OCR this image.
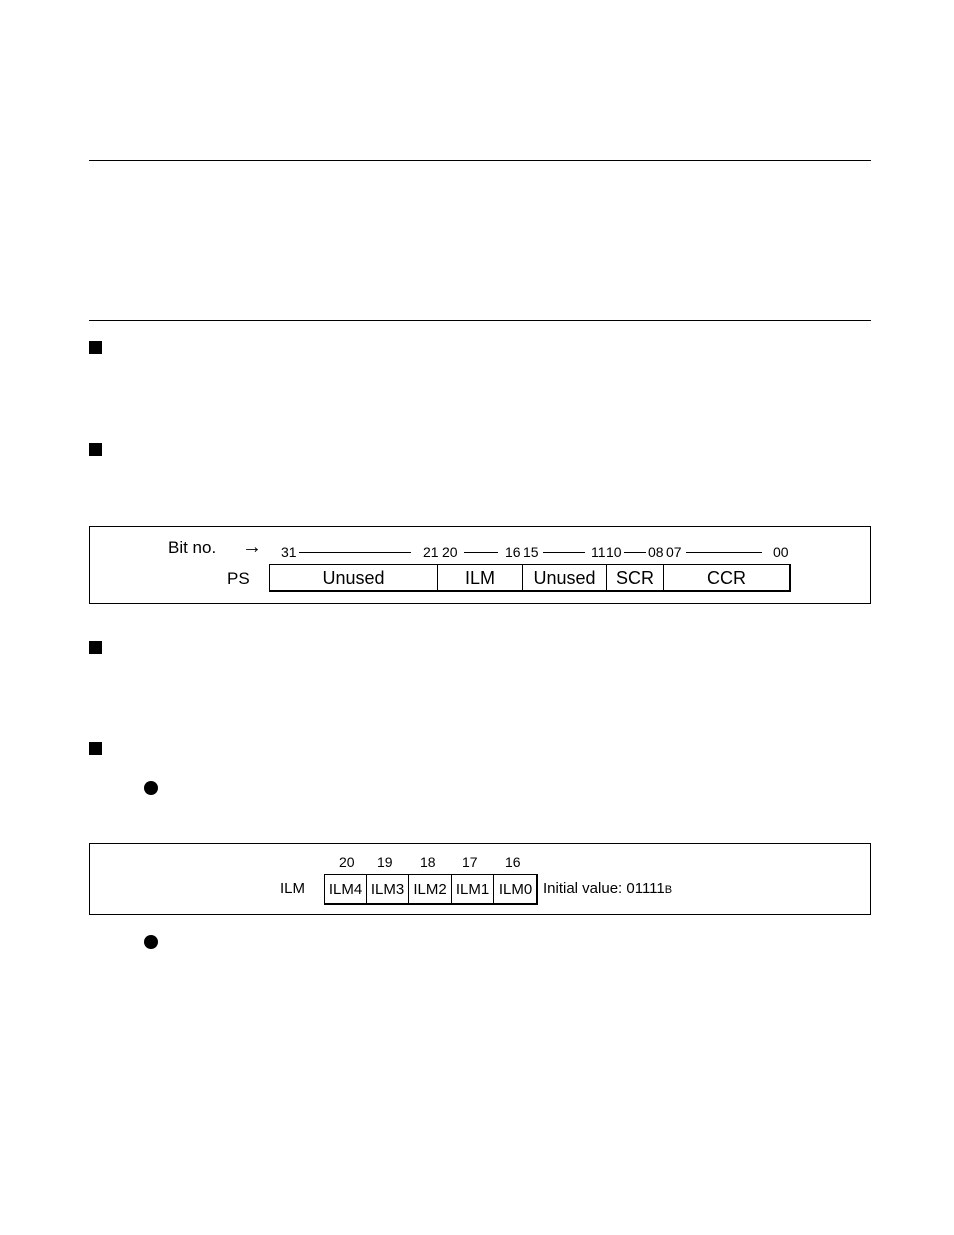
Bit no. → 31	21 20	16 15	11 10 08 07	00
PS	Unused	ILM	Unused	SCR	CCR
20 19 18 17 16
ILM ILM4 ILM3 ILM2 ILM1 ILM0 Initial value: 01111B
